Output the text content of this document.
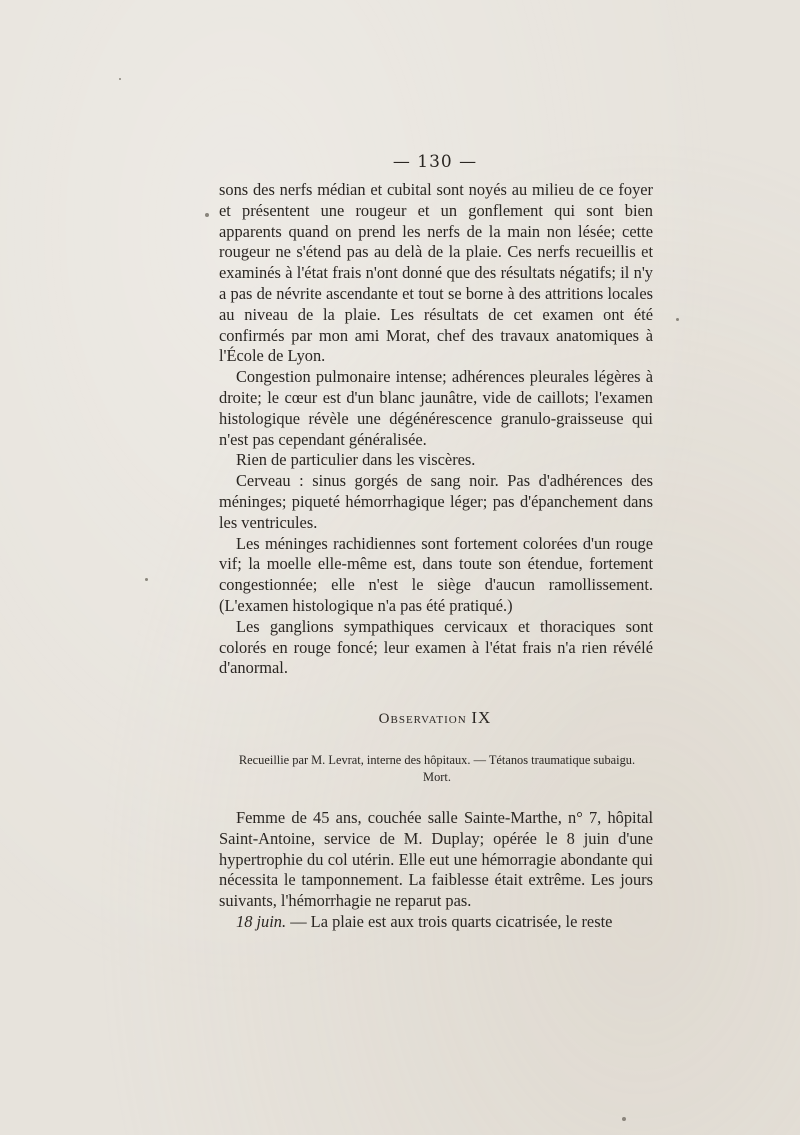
— 130 —

sons des nerfs médian et cubital sont noyés au milieu de ce foyer et présentent une rougeur et un gonflement qui sont bien apparents quand on prend les nerfs de la main non lésée; cette rougeur ne s'étend pas au delà de la plaie. Ces nerfs recueillis et examinés à l'état frais n'ont donné que des résultats négatifs; il n'y a pas de névrite ascendante et tout se borne à des attritions locales au niveau de la plaie. Les résultats de cet examen ont été confirmés par mon ami Morat, chef des travaux anatomiques à l'École de Lyon.

Congestion pulmonaire intense; adhérences pleurales légères à droite; le cœur est d'un blanc jaunâtre, vide de caillots; l'examen histologique révèle une dégénérescence granulo-graisseuse qui n'est pas cependant généralisée.

Rien de particulier dans les viscères.

Cerveau : sinus gorgés de sang noir. Pas d'adhérences des méninges; piqueté hémorrhagique léger; pas d'épanchement dans les ventricules.

Les méninges rachidiennes sont fortement colorées d'un rouge vif; la moelle elle-même est, dans toute son étendue, fortement congestionnée; elle n'est le siège d'aucun ramollissement. (L'examen histologique n'a pas été pratiqué.)

Les ganglions sympathiques cervicaux et thoraciques sont colorés en rouge foncé; leur examen à l'état frais n'a rien révélé d'anormal.

Observation IX
Recueillie par M. Levrat, interne des hôpitaux. — Tétanos traumatique subaigu. Mort.

Femme de 45 ans, couchée salle Sainte-Marthe, n° 7, hôpital Saint-Antoine, service de M. Duplay; opérée le 8 juin d'une hypertrophie du col utérin. Elle eut une hémorragie abondante qui nécessita le tamponnement. La faiblesse était extrême. Les jours suivants, l'hémorrhagie ne reparut pas.

18 juin. — La plaie est aux trois quarts cicatrisée, le reste
